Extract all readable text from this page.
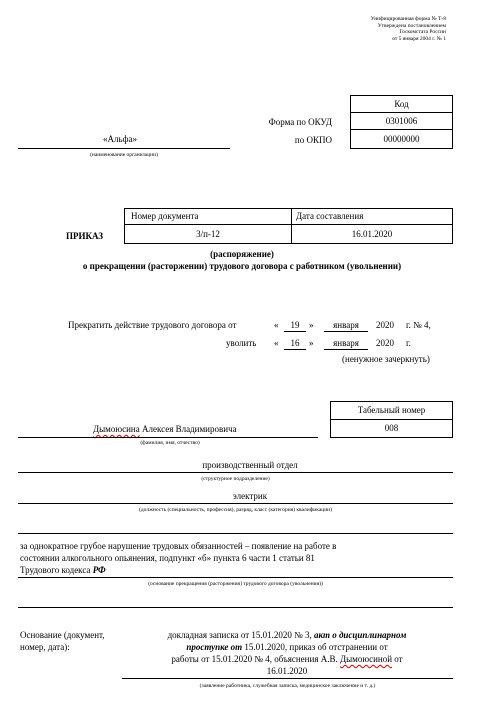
Унифицированная форма № Т-8
Утверждена постановлением
Госкомстата России
от 5 января 2004 г. № 1
Код
0301006
00000000
Форма по ОКУД
по ОКПО
«Альфа»
(наименование организации)
Номер документа	Дата составления
3/п-12	16.01.2020
ПРИКАЗ
(распоряжение)
о прекращении (расторжении) трудового договора с работником (увольнении)
Прекратить действие трудового договора от	«	19	»	января	2020	г. № 4,
уволить «	16	»	января	2020	г.
(ненужное зачеркнуть)
Табельный номер
008
Дымоюсина Алексея Владимировича
(фамилия, имя, отчество)
производственный отдел
(структурное подразделение)
электрик
(должность (специальность, профессия), разряд, класс (категория) квалификации)
за однократное грубое нарушение трудовых обязанностей – появление на работе в
состоянии алкогольного опьянения, подпункт «б» пункта 6 части 1 статьи 81
Трудового кодекса РФ
(основание прекращения (расторжения) трудового договора (увольнения))
Основание (документ,
номер, дата):
докладная записка от 15.01.2020 № 3, акт о дисциплинарном
проступке от 15.01.2020, приказ об отстранении от
работы от 15.01.2020 № 4, объяснения А.В. Дымоюсиной от
16.01.2020
(заявление работника, служебная записка, медицинское заключение и т. д.)
